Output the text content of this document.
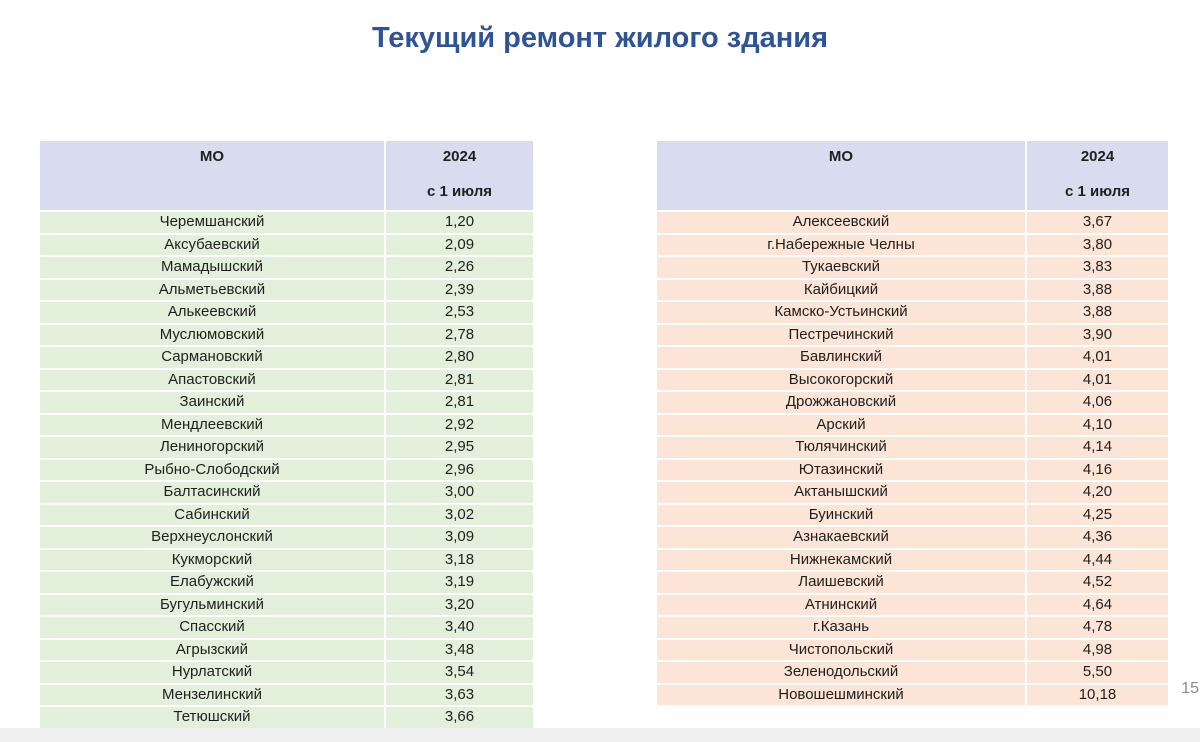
Текущий ремонт жилого здания
МО	2024
с 1 июля

Черемшанский	1,20
Аксубаевский	2,09
Мамадышский	2,26
Альметьевский	2,39
Алькеевский	2,53
Муслюмовский	2,78
Сармановский	2,80
Апастовский	2,81
Заинский	2,81
Мендлеевский	2,92
Лениногорский	2,95
Рыбно-Слободский	2,96
Балтасинский	3,00
Сабинский	3,02
Верхнеуслонский	3,09
Кукморский	3,18
Елабужский	3,19
Бугульминский	3,20
Спасский	3,40
Агрызский	3,48
Нурлатский	3,54
Мензелинский	3,63
Тетюшский	3,66
МО	2024
с 1 июля

Алексеевский	3,67
г.Набережные Челны	3,80
Тукаевский	3,83
Кайбицкий	3,88
Камско-Устьинский	3,88
Пестречинский	3,90
Бавлинский	4,01
Высокогорский	4,01
Дрожжановский	4,06
Арский	4,10
Тюлячинский	4,14
Ютазинский	4,16
Актанышский	4,20
Буинский	4,25
Азнакаевский	4,36
Нижнекамский	4,44
Лаишевский	4,52
Атнинский	4,64
г.Казань	4,78
Чистопольский	4,98
Зеленодольский	5,50
Новошешминский	10,18	15
